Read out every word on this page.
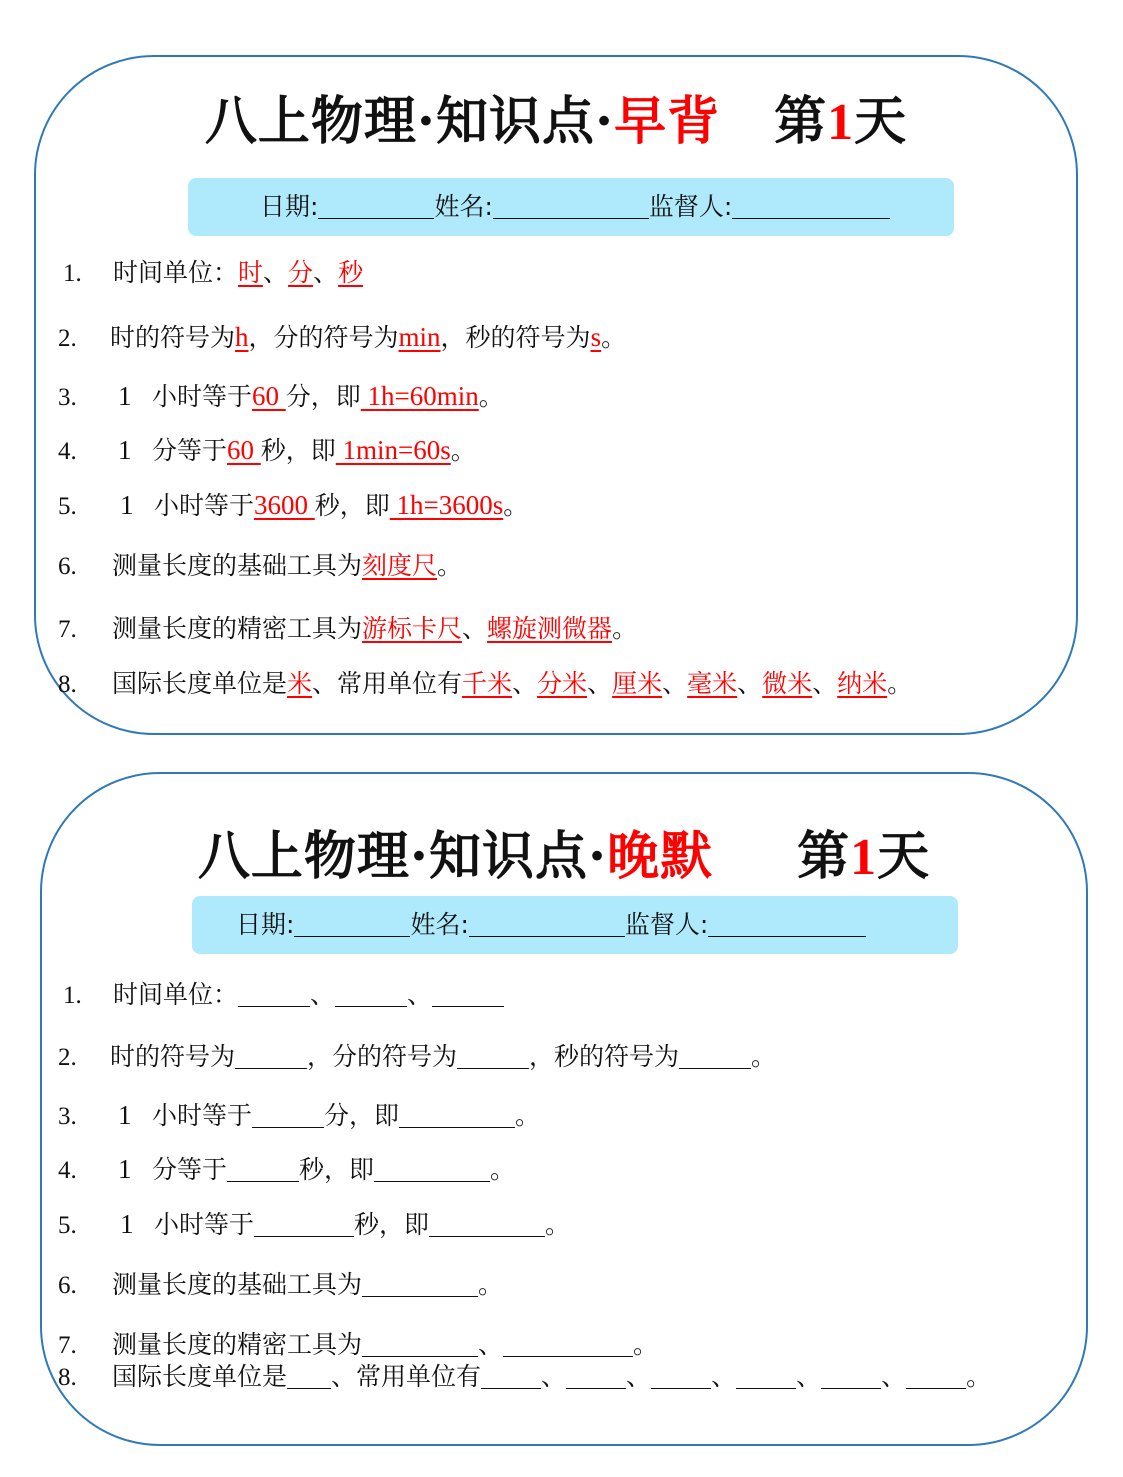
八上物理·知识点·早背 第1天
日期:	姓名:	监督人:
1. 时间单位：时、分、秒
2. 时的符号为h，分的符号为min，秒的符号为s。
3. 1 小时等于60 分，即 1h=60min。
4. 1 分等于60 秒，即 1min=60s。
5. 1 小时等于3600 秒，即 1h=3600s。
6. 测量长度的基础工具为刻度尺。
7. 测量长度的精密工具为游标卡尺、螺旋测微器。
8. 国际长度单位是米、常用单位有千米、分米、厘米、毫米、微米、纳米。
八上物理·知识点·晚默 第1天
日期:	姓名:	监督人:
1. 时间单位：	、	、
2. 时的符号为	，分的符号为	，秒的符号为	。
3. 1 小时等于	分，即	。
4. 1 分等于	秒，即	。
5. 1 小时等于	秒，即	。
6. 测量长度的基础工具为	。
7. 测量长度的精密工具为	、	。
8. 国际长度单位是 、常用单位有 、 、 、 、 、 。
